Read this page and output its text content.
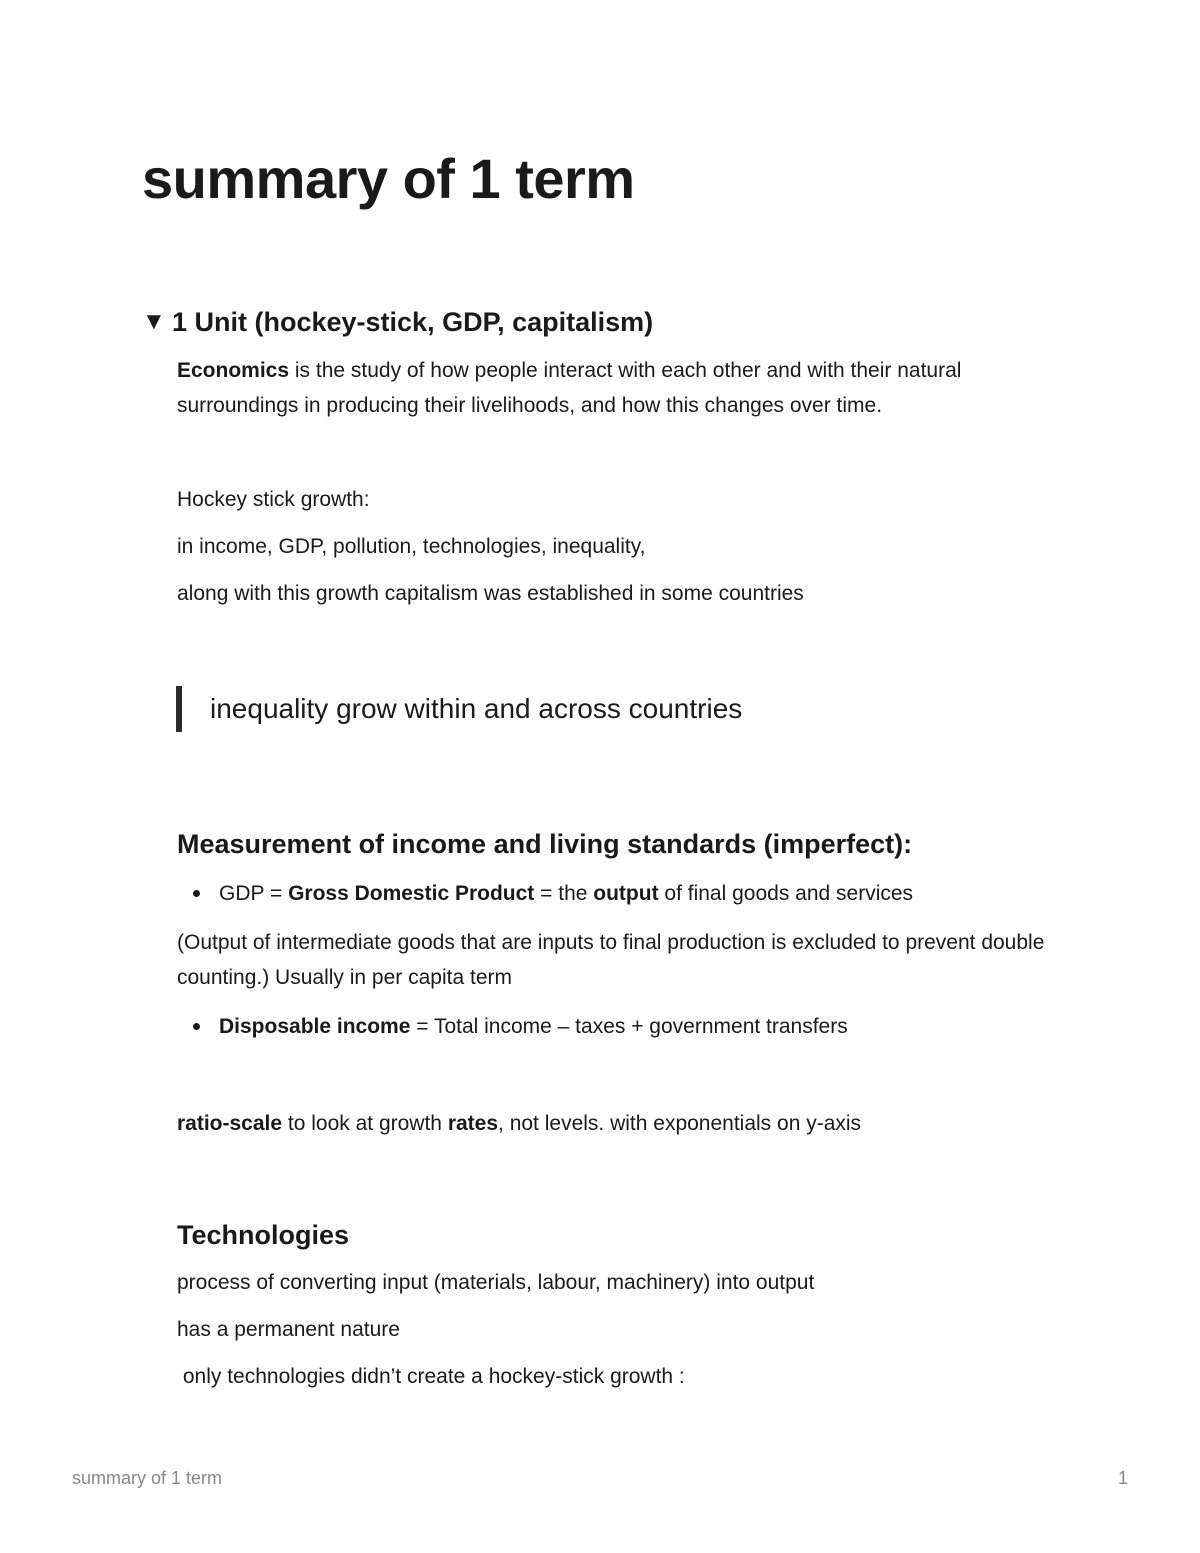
summary of 1 term
▼ 1 Unit (hockey-stick, GDP, capitalism)

Economics is the study of how people interact with each other and with their natural surroundings in producing their livelihoods, and how this changes over time.

Hockey stick growth:

in income, GDP, pollution, technologies, inequality,

along with this growth capitalism was established in some countries

inequality grow within and across countries
Measurement of income and living standards (imperfect):
GDP = Gross Domestic Product = the output of final goods and services

(Output of intermediate goods that are inputs to final production is excluded to prevent double counting.) Usually in per capita term

Disposable income = Total income – taxes + government transfers

ratio-scale to look at growth rates, not levels. with exponentials on y-axis

Technologies

process of converting input (materials, labour, machinery) into output

has a permanent nature

only technologies didn’t create a hockey-stick growth :

summary of 1 term	1
